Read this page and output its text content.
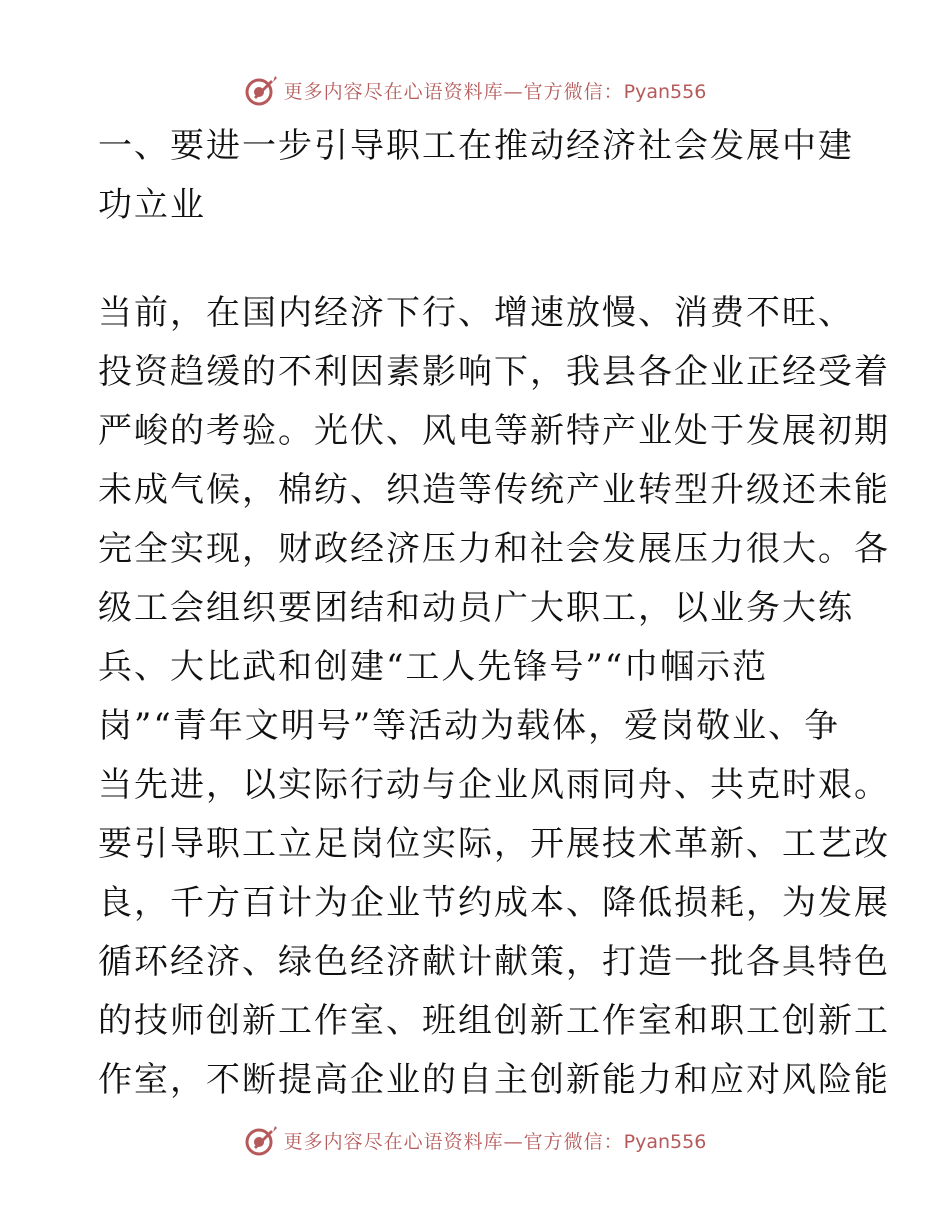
更多内容尽在心语资料库—官方微信：Pyan556
一、要进一步引导职工在推动经济社会发展中建
功立业
当前，在国内经济下行、增速放慢、消费不旺、
投资趋缓的不利因素影响下，我县各企业正经受着
严峻的考验。光伏、风电等新特产业处于发展初期
未成气候，棉纺、织造等传统产业转型升级还未能
完全实现，财政经济压力和社会发展压力很大。各
级工会组织要团结和动员广大职工，以业务大练
兵、大比武和创建“工人先锋号”“巾帼示范
岗”“青年文明号”等活动为载体，爱岗敬业、争
当先进，以实际行动与企业风雨同舟、共克时艰。
要引导职工立足岗位实际，开展技术革新、工艺改
良，千方百计为企业节约成本、降低损耗，为发展
循环经济、绿色经济献计献策，打造一批各具特色
的技师创新工作室、班组创新工作室和职工创新工
作室，不断提高企业的自主创新能力和应对风险能
更多内容尽在心语资料库—官方微信：Pyan556
